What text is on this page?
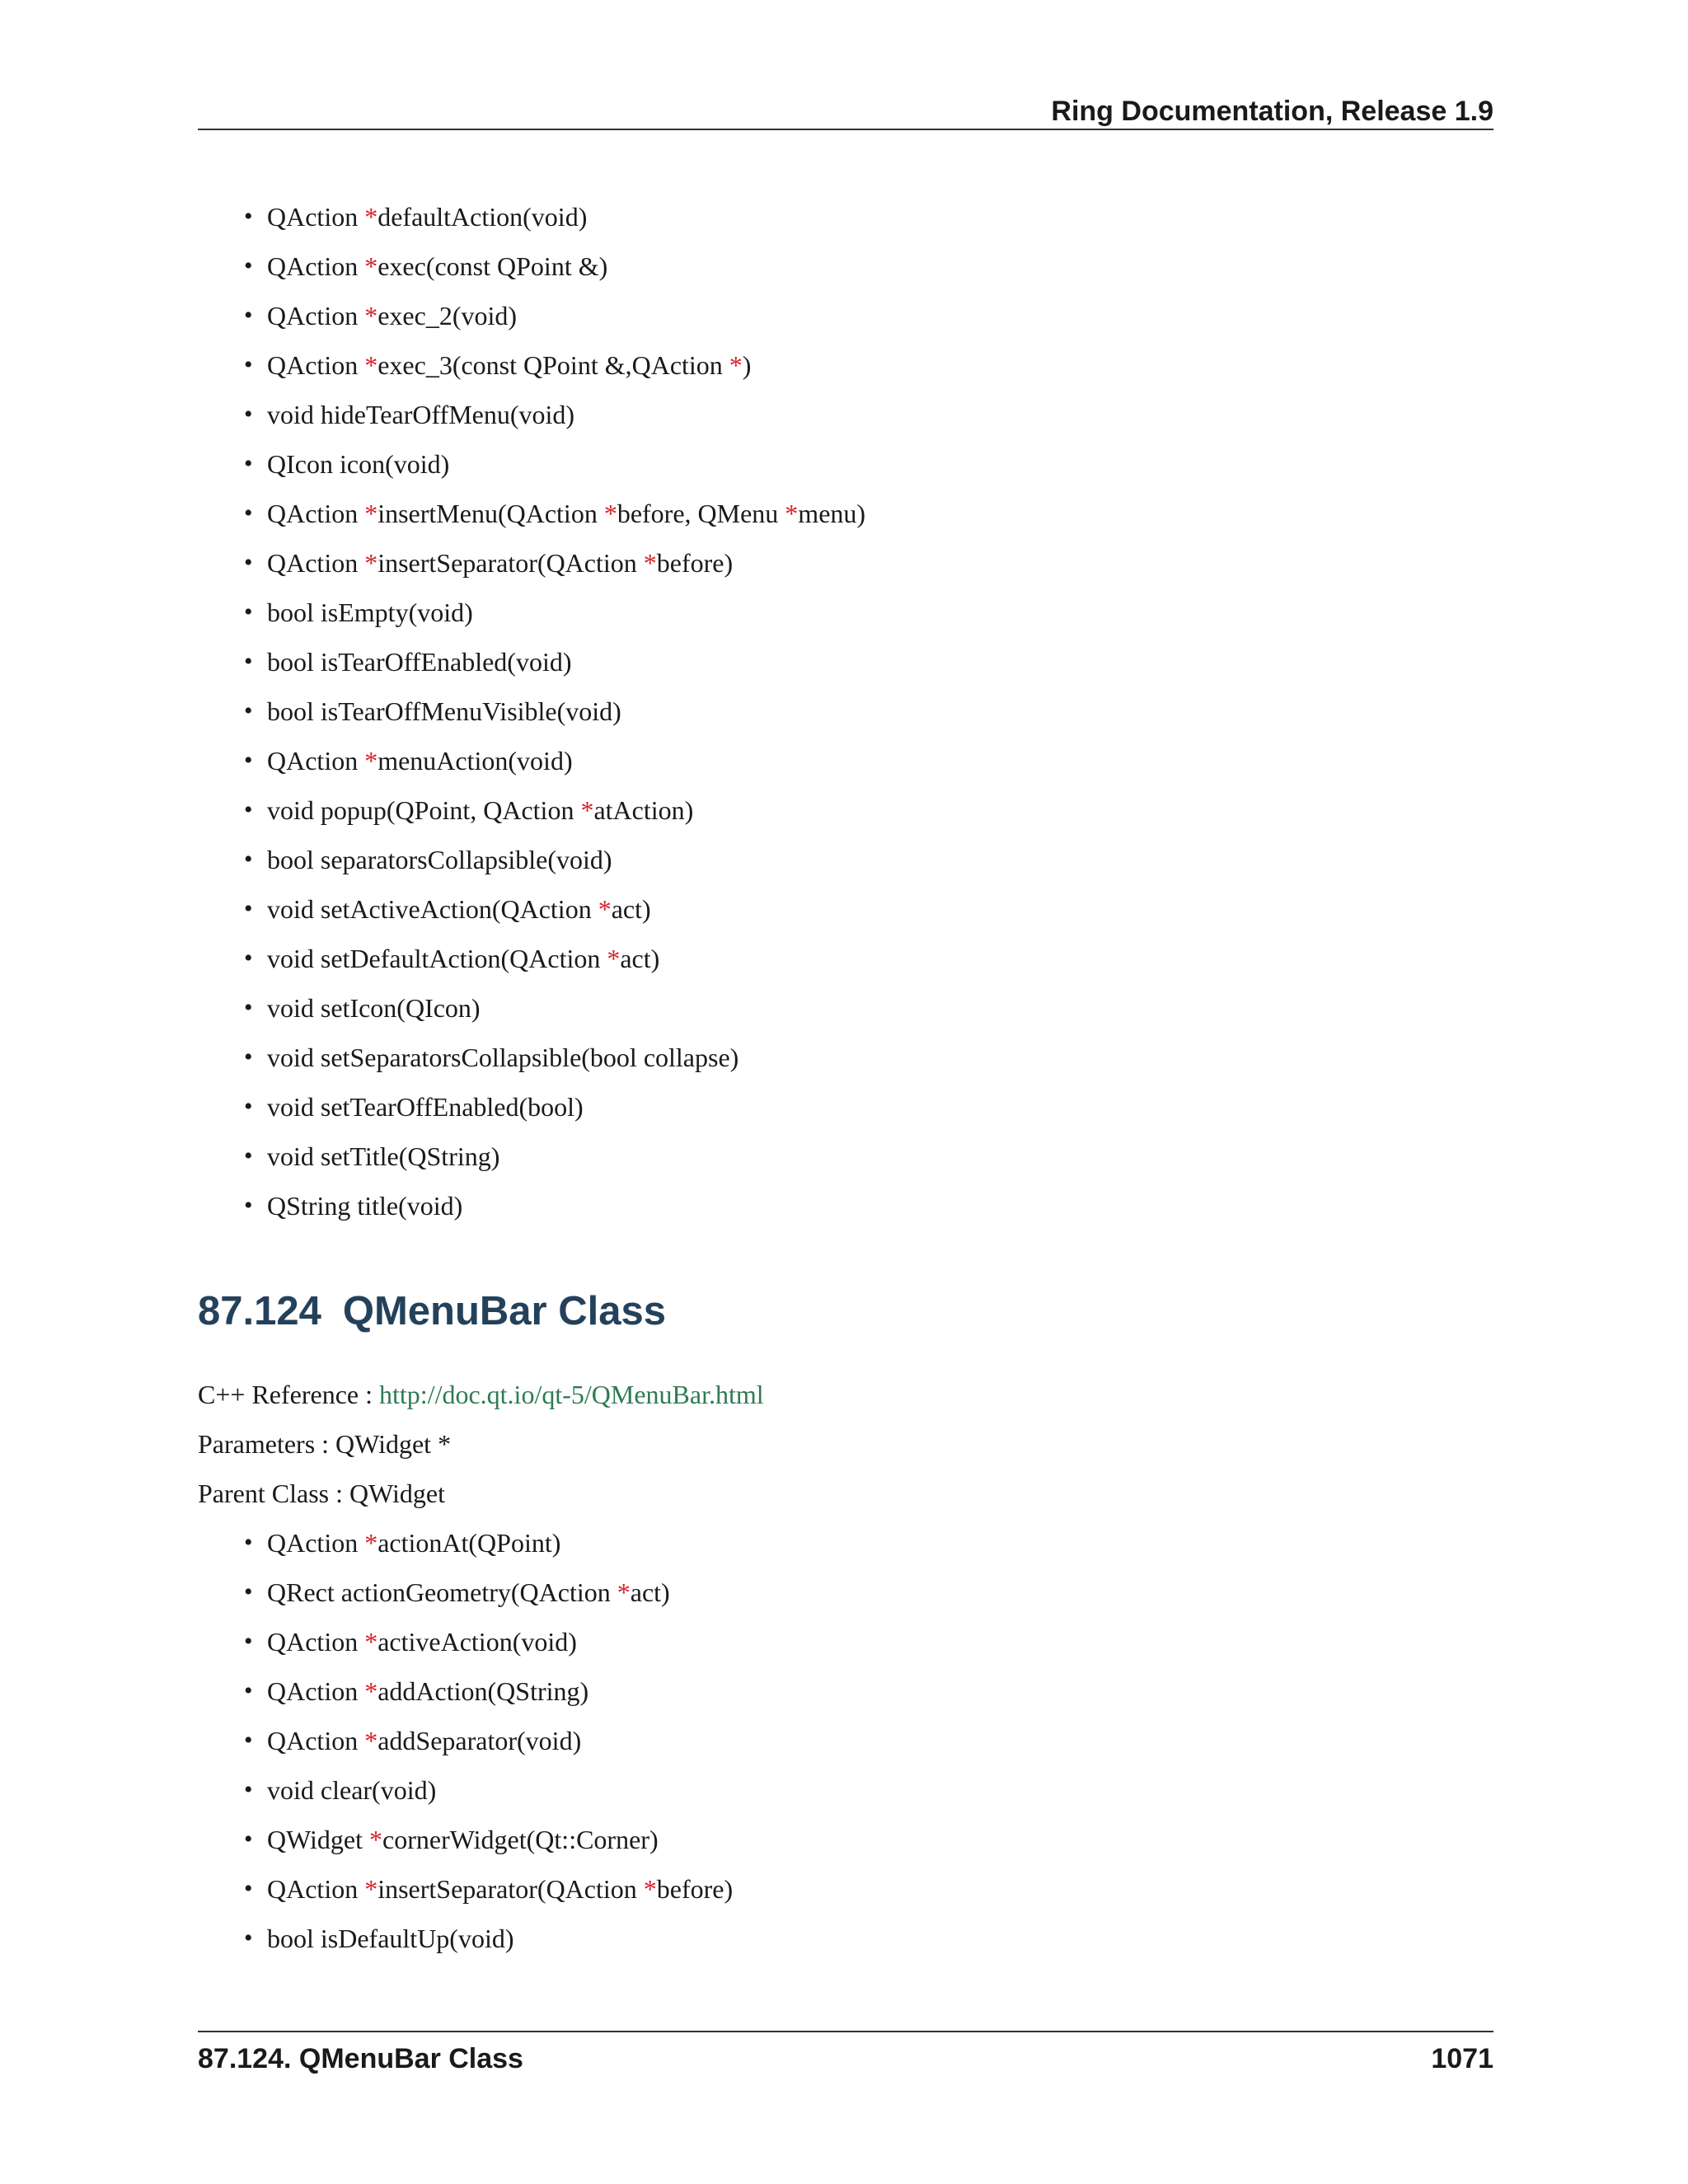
Ring Documentation, Release 1.9
• QAction *defaultAction(void)
• QAction *exec(const QPoint &)
• QAction *exec_2(void)
• QAction *exec_3(const QPoint &,QAction *)
• void hideTearOffMenu(void)
• QIcon icon(void)
• QAction *insertMenu(QAction *before, QMenu *menu)
• QAction *insertSeparator(QAction *before)
• bool isEmpty(void)
• bool isTearOffEnabled(void)
• bool isTearOffMenuVisible(void)
• QAction *menuAction(void)
• void popup(QPoint, QAction *atAction)
• bool separatorsCollapsible(void)
• void setActiveAction(QAction *act)
• void setDefaultAction(QAction *act)
• void setIcon(QIcon)
• void setSeparatorsCollapsible(bool collapse)
• void setTearOffEnabled(bool)
• void setTitle(QString)
• QString title(void)
87.124 QMenuBar Class
C++ Reference : http://doc.qt.io/qt-5/QMenuBar.html
Parameters : QWidget *
Parent Class : QWidget
• QAction *actionAt(QPoint)
• QRect actionGeometry(QAction *act)
• QAction *activeAction(void)
• QAction *addAction(QString)
• QAction *addSeparator(void)
• void clear(void)
• QWidget *cornerWidget(Qt::Corner)
• QAction *insertSeparator(QAction *before)
• bool isDefaultUp(void)
87.124. QMenuBar Class	1071
